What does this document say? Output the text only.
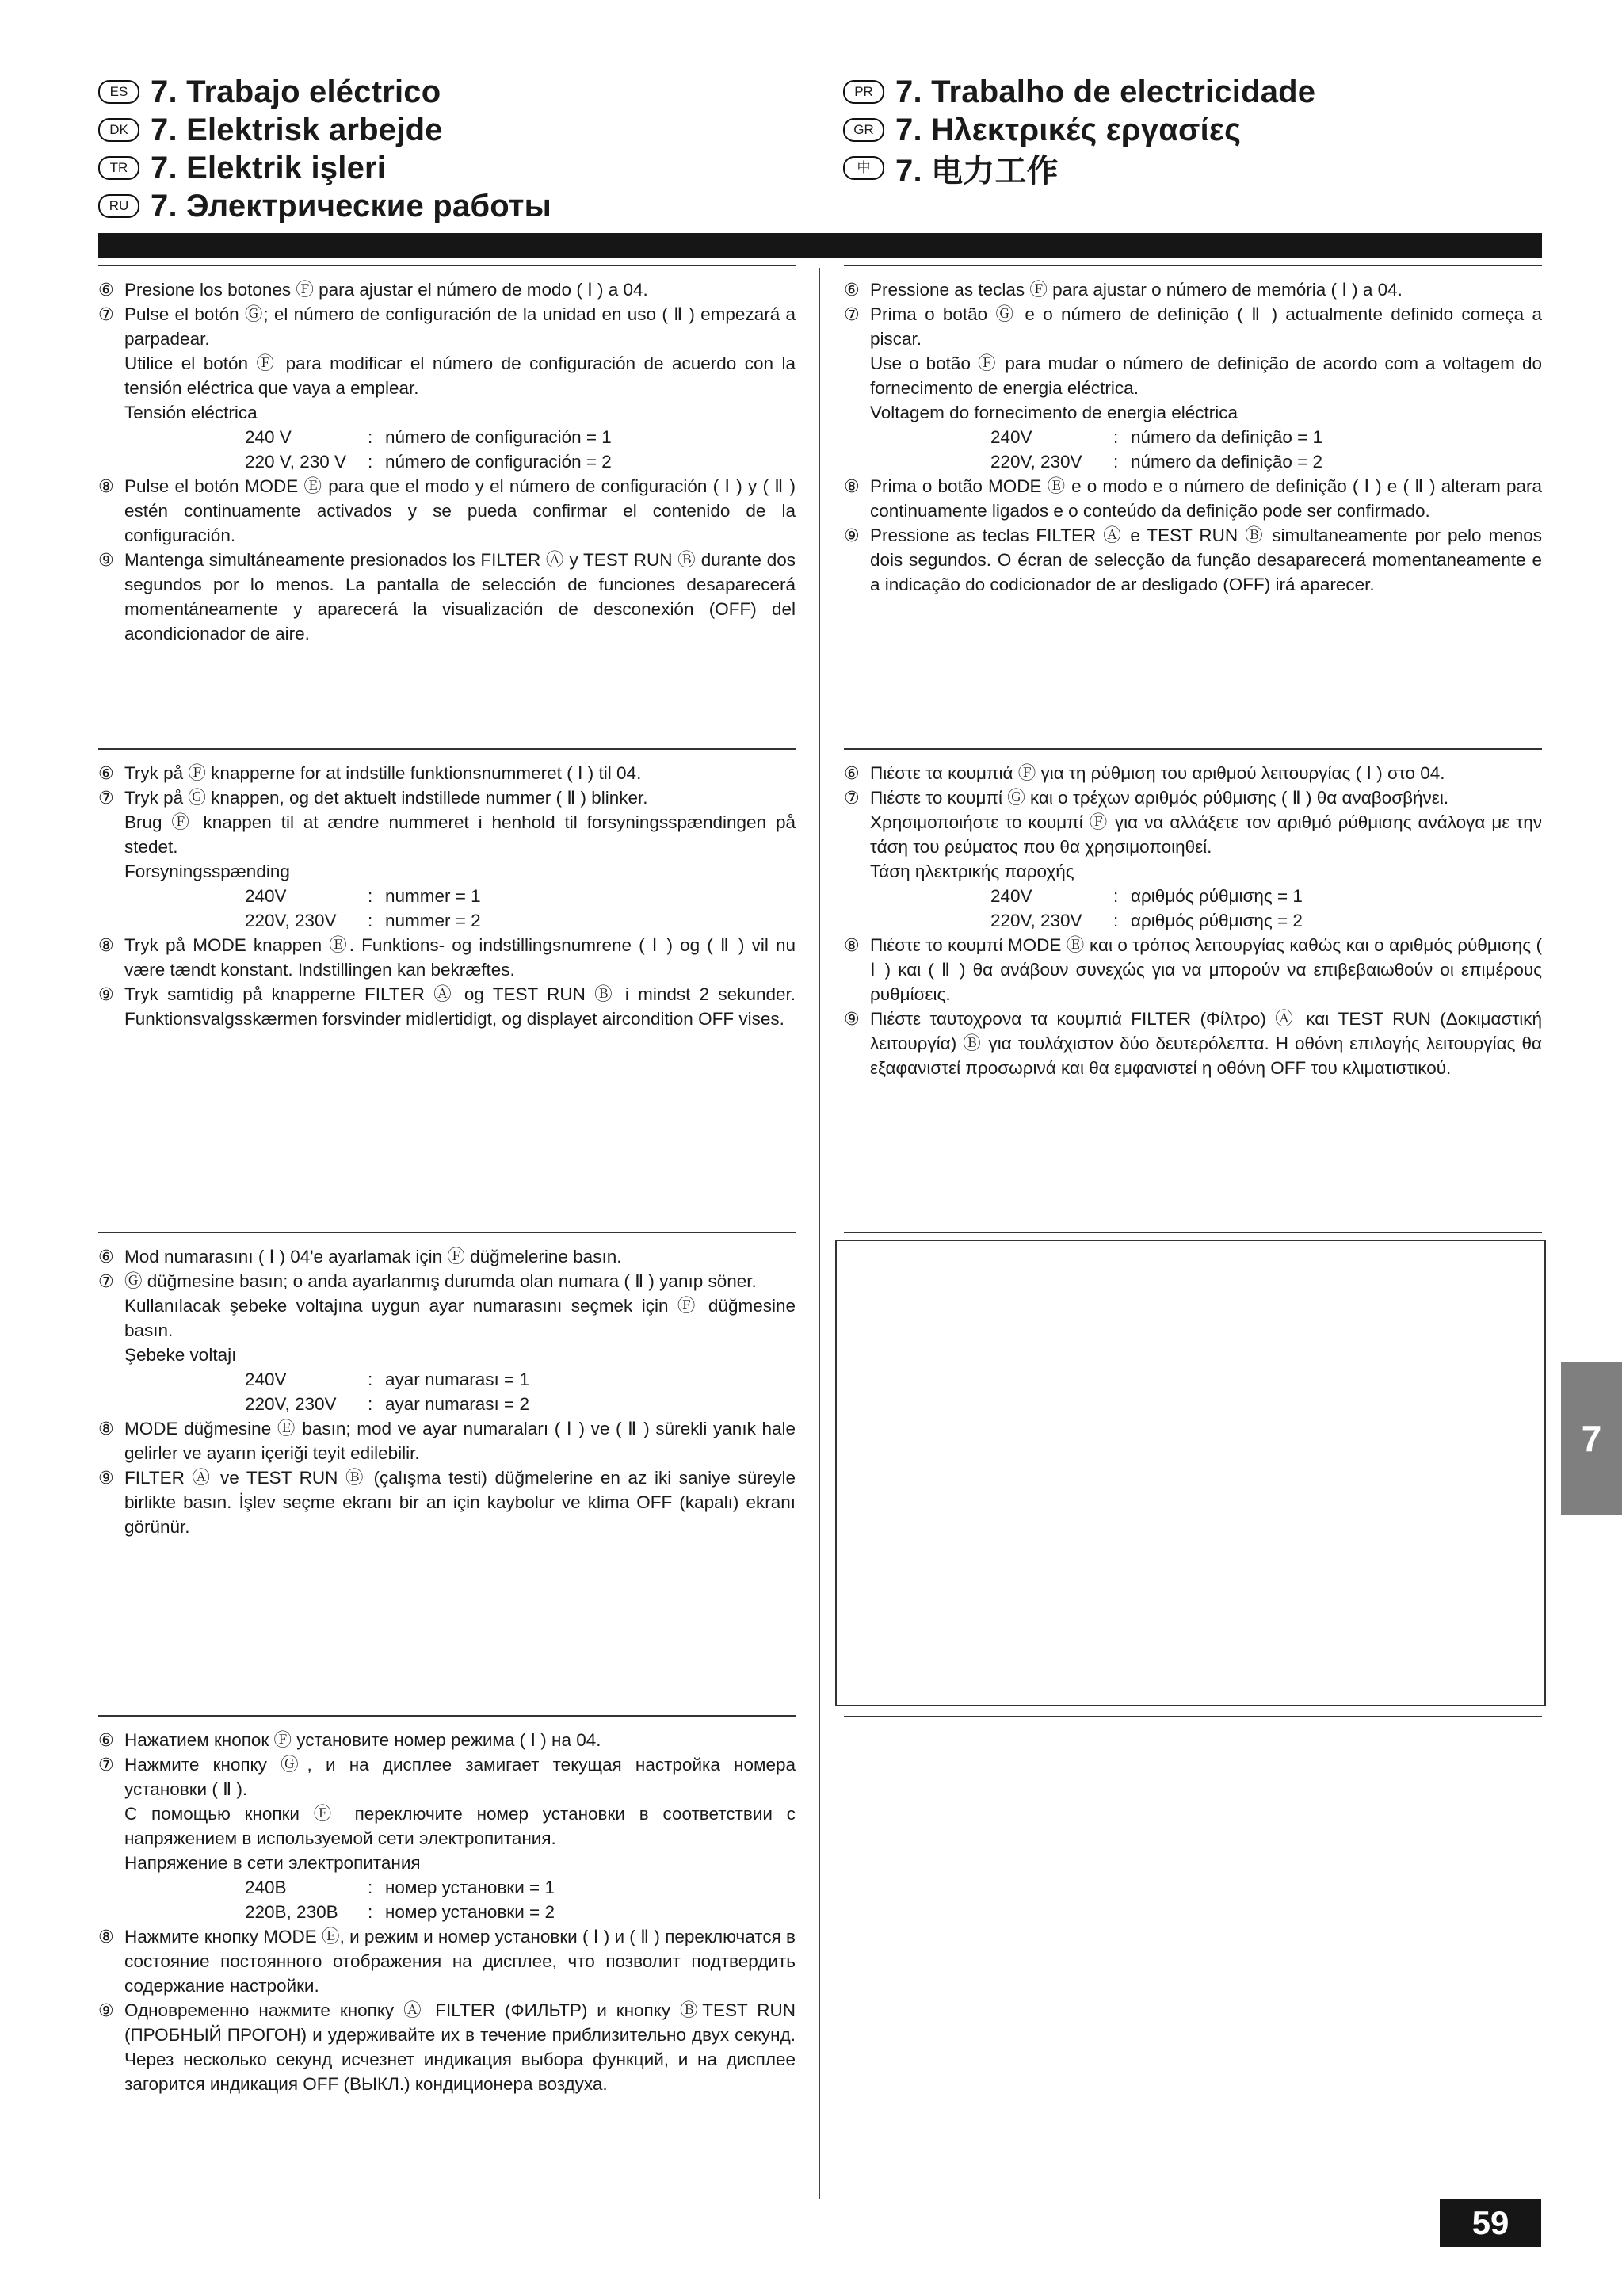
ES 7. Trabajo eléctrico
DK 7. Elektrisk arbejde
TR 7. Elektrik işleri
RU 7. Электрические работы
PR 7. Trabalho de electricidade
GR 7. Ηλεκτρικές εργασίες
中 7. 电力工作
⑥ Presione los botones Ⓕ para ajustar el número de modo ( Ⅰ ) a 04.
⑦ Pulse el botón Ⓖ; el número de configuración de la unidad en uso ( Ⅱ ) empezará a parpadear.
Utilice el botón Ⓕ para modificar el número de configuración de acuerdo con la tensión eléctrica que vaya a emplear.
Tensión eléctrica
240 V	: número de configuración = 1
220 V, 230 V	: número de configuración = 2
⑧ Pulse el botón MODE Ⓔ para que el modo y el número de configuración ( Ⅰ ) y ( Ⅱ ) estén continuamente activados y se pueda confirmar el contenido de la configuración.
⑨ Mantenga simultáneamente presionados los FILTER Ⓐ y TEST RUN Ⓑ durante dos segundos por lo menos. La pantalla de selección de funciones desaparecerá momentáneamente y aparecerá la visualización de desconexión (OFF) del acondicionador de aire.
⑥ Pressione as teclas Ⓕ para ajustar o número de memória ( Ⅰ ) a 04.
⑦ Prima o botão Ⓖ e o número de definição ( Ⅱ ) actualmente definido começa a piscar.
Use o botão Ⓕ para mudar o número de definição de acordo com a voltagem do fornecimento de energia eléctrica.
Voltagem do fornecimento de energia eléctrica
240V	: número da definição = 1
220V, 230V	: número da definição = 2
⑧ Prima o botão MODE Ⓔ e o modo e o número de definição ( Ⅰ ) e ( Ⅱ ) alteram para continuamente ligados e o conteúdo da definição pode ser confirmado.
⑨ Pressione as teclas FILTER Ⓐ e TEST RUN Ⓑ simultaneamente por pelo menos dois segundos. O écran de selecção da função desaparecerá momentaneamente e a indicação do codicionador de ar desligado (OFF) irá aparecer.
⑥ Tryk på Ⓕ knapperne for at indstille funktionsnummeret ( Ⅰ ) til 04.
⑦ Tryk på Ⓖ knappen, og det aktuelt indstillede nummer ( Ⅱ ) blinker.
Brug Ⓕ knappen til at ændre nummeret i henhold til forsyningsspændingen på stedet.
Forsyningsspænding
240V	: nummer = 1
220V, 230V	: nummer = 2
⑧ Tryk på MODE knappen Ⓔ. Funktions- og indstillingsnumrene ( Ⅰ ) og ( Ⅱ ) vil nu være tændt konstant. Indstillingen kan bekræftes.
⑨ Tryk samtidig på knapperne FILTER Ⓐ og TEST RUN Ⓑ i mindst 2 sekunder. Funktionsvalgsskærmen forsvinder midlertidigt, og displayet aircondition OFF vises.
⑥ Πιέστε τα κουμπιά Ⓕ για τη ρύθμιση του αριθμού λειτουργίας ( Ⅰ ) στο 04.
⑦ Πιέστε το κουμπί Ⓖ και ο τρέχων αριθμός ρύθμισης ( Ⅱ ) θα αναβοσβήνει.
Χρησιμοποιήστε το κουμπί Ⓕ για να αλλάξετε τον αριθμό ρύθμισης ανάλογα με την τάση του ρεύματος που θα χρησιμοποιηθεί.
Τάση ηλεκτρικής παροχής
240V	: αριθμός ρύθμισης = 1
220V, 230V	: αριθμός ρύθμισης = 2
⑧ Πιέστε το κουμπί MODE Ⓔ και ο τρόπος λειτουργίας καθώς και ο αριθμός ρύθμισης ( Ⅰ ) και ( Ⅱ ) θα ανάβουν συνεχώς για να μπορούν να επιβεβαιωθούν οι επιμέρους ρυθμίσεις.
⑨ Πιέστε ταυτοχρονα τα κουμπιά FILTER (Φίλτρο) Ⓐ και TEST RUN (Δοκιμαστική λειτουργία) Ⓑ για τουλάχιστον δύο δευτερόλεπτα. Η οθόνη επιλογής λειτουργίας θα εξαφανιστεί προσωρινά και θα εμφανιστεί η οθόνη OFF του κλιματιστικού.
⑥ Mod numarasını ( Ⅰ ) 04'e ayarlamak için Ⓕ düğmelerine basın.
⑦ Ⓖ düğmesine basın; o anda ayarlanmış durumda olan numara ( Ⅱ ) yanıp söner.
Kullanılacak şebeke voltajına uygun ayar numarasını seçmek için Ⓕ düğmesine basın.
Şebeke voltajı
240V	: ayar numarası = 1
220V, 230V	: ayar numarası = 2
⑧ MODE düğmesine Ⓔ basın; mod ve ayar numaraları ( Ⅰ ) ve ( Ⅱ ) sürekli yanık hale gelirler ve ayarın içeriği teyit edilebilir.
⑨ FILTER Ⓐ ve TEST RUN Ⓑ (çalışma testi) düğmelerine en az iki saniye süreyle birlikte basın. İşlev seçme ekranı bir an için kaybolur ve klima OFF (kapalı) ekranı görünür.
⑥ Нажатием кнопок Ⓕ установите номер режима ( Ⅰ ) на 04.
⑦ Нажмите кнопку Ⓖ, и на дисплее замигает текущая настройка номера установки ( Ⅱ ).
С помощью кнопки Ⓕ переключите номер установки в соответствии с напряжением в используемой сети электропитания.
Напряжение в сети электропитания
240В	: номер установки = 1
220В, 230В	: номер установки = 2
⑧ Нажмите кнопку MODE Ⓔ, и режим и номер установки ( Ⅰ ) и ( Ⅱ ) переключатся в состояние постоянного отображения на дисплее, что позволит подтвердить содержание настройки.
⑨ Одновременно нажмите кнопку Ⓐ FILTER (ФИЛЬТР) и кнопку ⒷTEST RUN (ПРОБНЫЙ ПРОГОН) и удерживайте их в течение приблизительно двух секунд. Через несколько секунд исчезнет индикация выбора функций, и на дисплее загорится индикация OFF (ВЫКЛ.) кондиционера воздуха.
7
59
